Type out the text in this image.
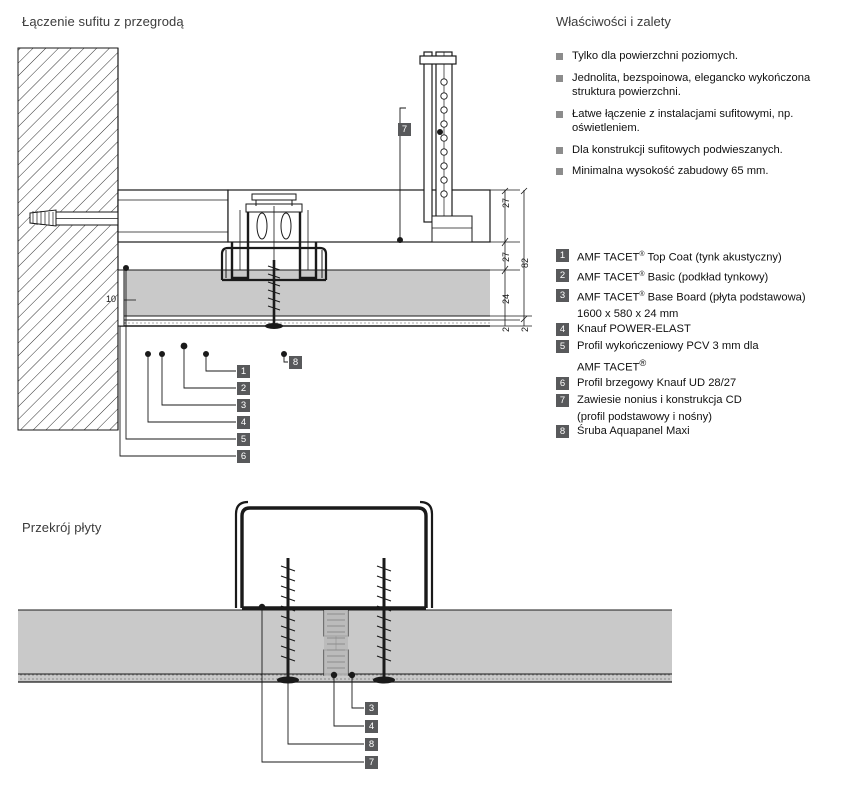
Łączenie sufitu z przegrodą
7
1
2
3
4
5
6
8
27
27
82
24
2 2
10
Przekrój płyty
3
4
8
7
Właściwości i zalety
Tylko dla powierzchni poziomych.
Jednolita, bezspoinowa, elegancko wykończona struktura powierzchni.
Łatwe łączenie z instalacjami sufitowymi, np. oświetleniem.
Dla konstrukcji sufitowych podwieszanych.
Minimalna wysokość zabudowy 65 mm.
1	AMF TACET® Top Coat (tynk akustyczny)
2	AMF TACET® Basic (podkład tynkowy)
3	AMF TACET® Base Board (płyta podstawowa)
1600 x 580 x 24 mm
4	Knauf POWER-ELAST
5	Profil wykończeniowy PCV 3 mm dla
AMF TACET®
6	Profil brzegowy Knauf UD 28/27
7	Zawiesie nonius i konstrukcja CD
(profil podstawowy i nośny)
8	Śruba Aquapanel Maxi
